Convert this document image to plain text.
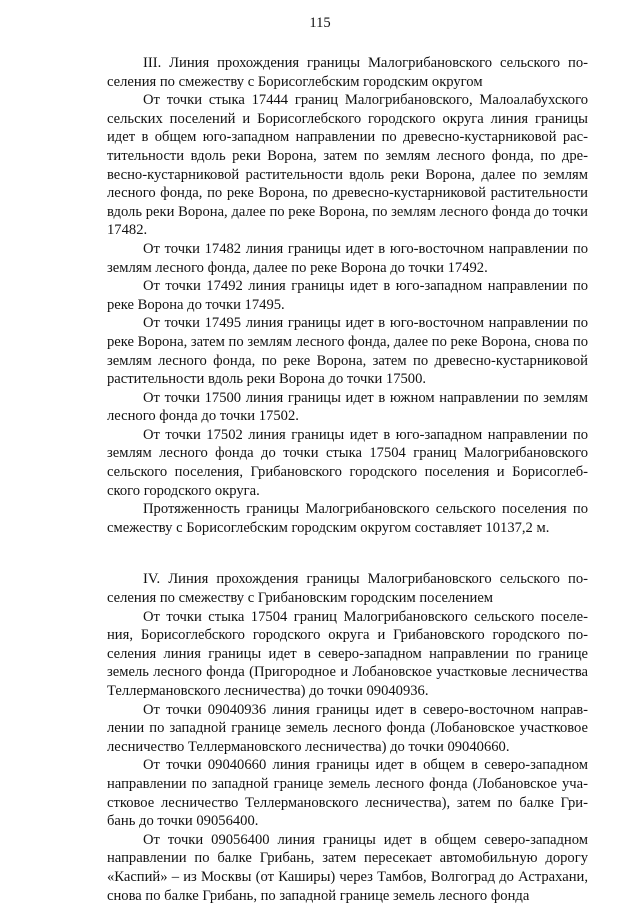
115

III. Линия прохождения границы Малогрибановского сельского поселения по смежеству с Борисоглебским городским округом

От точки стыка 17444 границ Малогрибановского, Малоалабухского сельских поселений и Борисоглебского городского округа линия границы идет в общем юго-западном направлении по древесно-кустарниковой растительности вдоль реки Ворона, затем по землям лесного фонда, по древесно-кустарниковой растительности вдоль реки Ворона, далее по землям лесного фонда, по реке Ворона, по древесно-кустарниковой растительности вдоль реки Ворона, далее по реке Ворона, по землям лесного фонда до точки 17482.

От точки 17482 линия границы идет в юго-восточном направлении по землям лесного фонда, далее по реке Ворона до точки 17492.

От точки 17492 линия границы идет в юго-западном направлении по реке Ворона до точки 17495.

От точки 17495 линия границы идет в юго-восточном направлении по реке Ворона, затем по землям лесного фонда, далее по реке Ворона, снова по землям лесного фонда, по реке Ворона, затем по древесно-кустарниковой растительности вдоль реки Ворона до точки 17500.

От точки 17500 линия границы идет в южном направлении по землям лесного фонда до точки 17502.

От точки 17502 линия границы идет в юго-западном направлении по землям лесного фонда до точки стыка 17504 границ Малогрибановского сельского поселения, Грибановского городского поселения и Борисоглебского городского округа.

Протяженность границы Малогрибановского сельского поселения по смежеству с Борисоглебским городским округом составляет 10137,2 м.

IV. Линия прохождения границы Малогрибановского сельского поселения по смежеству с Грибановским городским поселением

От точки стыка 17504 границ Малогрибановского сельского поселения, Борисоглебского городского округа и Грибановского городского поселения линия границы идет в северо-западном направлении по границе земель лесного фонда (Пригородное и Лобановское участковые лесничества Теллермановского лесничества) до точки 09040936.

От точки 09040936 линия границы идет в северо-восточном направлении по западной границе земель лесного фонда (Лобановское участковое лесничество Теллермановского лесничества) до точки 09040660.

От точки 09040660 линия границы идет в общем в северо-западном направлении по западной границе земель лесного фонда (Лобановское участковое лесничество Теллермановского лесничества), затем по балке Грибань до точки 09056400.

От точки 09056400 линия границы идет в общем северо-западном направлении по балке Грибань, затем пересекает автомобильную дорогу «Каспий» – из Москвы (от Каширы) через Тамбов, Волгоград до Астрахани, снова по балке Грибань, по западной границе земель лесного фонда
